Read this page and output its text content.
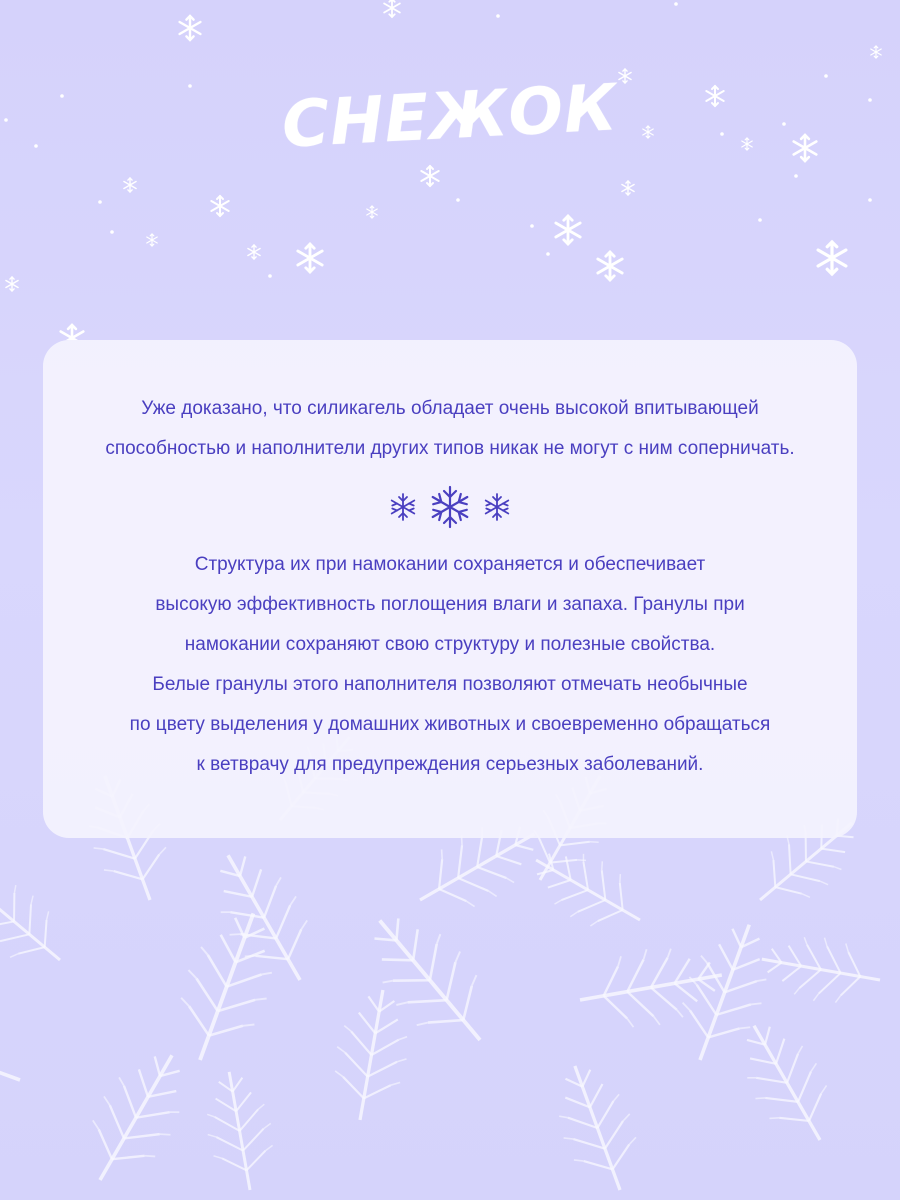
СНЕЖОК
Уже доказано, что силикагель обладает очень высокой впитывающей
способностью и наполнители других типов никак не могут с ним соперничать.
Структура их при намокании сохраняется и обеспечивает
высокую эффективность поглощения влаги и запаха. Гранулы при
намокании сохраняют свою структуру и полезные свойства.
Белые гранулы этого наполнителя позволяют отмечать необычные
по цвету выделения у домашних животных и своевременно обращаться
к ветврачу для предупреждения серьезных заболеваний.
